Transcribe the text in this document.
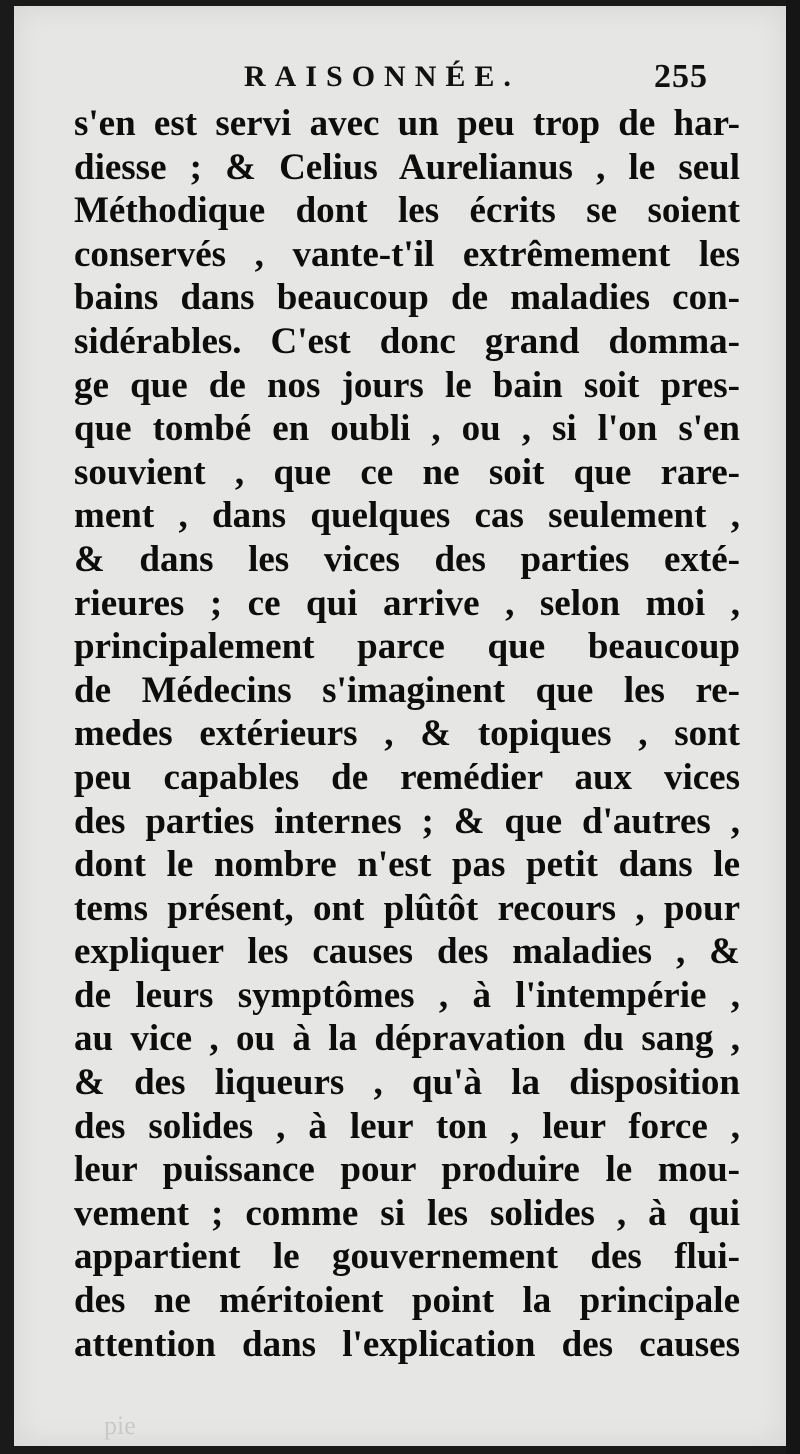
RAISONNÉE.	255
s'en est servi avec un peu trop de har-
diesse ; & Celius Aurelianus , le seul
Méthodique dont les écrits se soient
conservés , vante-t'il extrêmement les
bains dans beaucoup de maladies con-
sidérables. C'est donc grand domma-
ge que de nos jours le bain soit pres-
que tombé en oubli , ou , si l'on s'en
souvient , que ce ne soit que rare-
ment , dans quelques cas seulement ,
& dans les vices des parties exté-
rieures ; ce qui arrive , selon moi ,
principalement parce que beaucoup
de Médecins s'imaginent que les re-
medes extérieurs , & topiques , sont
peu capables de remédier aux vices
des parties internes ; & que d'autres ,
dont le nombre n'est pas petit dans le
tems présent, ont plûtôt recours , pour
expliquer les causes des maladies , &
de leurs symptômes , à l'intempérie ,
au vice , ou à la dépravation du sang ,
& des liqueurs , qu'à la disposition
des solides , à leur ton , leur force ,
leur puissance pour produire le mou-
vement ; comme si les solides , à qui
appartient le gouvernement des flui-
des ne méritoient point la principale
attention dans l'explication des causes
pie
